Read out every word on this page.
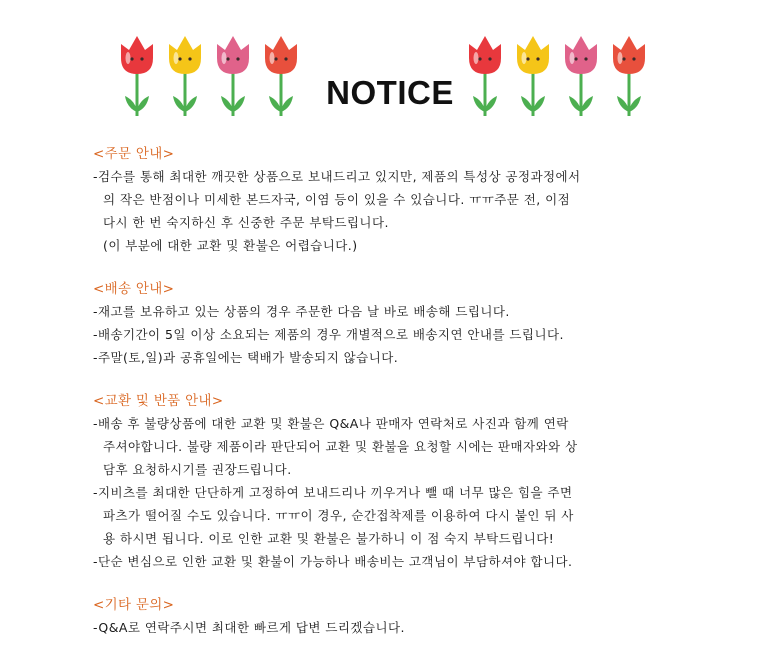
NOTICE
<주문 안내>
-검수를 통해 최대한 깨끗한 상품으로 보내드리고 있지만, 제품의 특성상 공정과정에서
의 작은 반점이나 미세한 본드자국, 이염 등이 있을 수 있습니다. ㅠㅠ주문 전, 이점
다시 한 번 숙지하신 후 신중한 주문 부탁드립니다.
(이 부분에 대한 교환 및 환불은 어렵습니다.)
<배송 안내>
-재고를 보유하고 있는 상품의 경우 주문한 다음 날 바로 배송해 드립니다.
-배송기간이 5일 이상 소요되는 제품의 경우 개별적으로 배송지연 안내를 드립니다.
-주말(토,일)과 공휴일에는 택배가 발송되지 않습니다.
<교환 및 반품 안내>
-배송 후 불량상품에 대한 교환 및 환불은 Q&A나 판매자 연락처로 사진과 함께 연락
주셔야합니다. 불량 제품이라 판단되어 교환 및 환불을 요청할 시에는 판매자와와 상
담후 요청하시기를 권장드립니다.
-지비츠를 최대한 단단하게 고정하여 보내드리나 끼우거나 뺄 때 너무 많은 힘을 주면
파츠가 떨어질 수도 있습니다. ㅠㅠ이 경우, 순간접착제를 이용하여 다시 붙인 뒤 사
용 하시면 됩니다. 이로 인한 교환 및 환불은 불가하니 이 점 숙지 부탁드립니다!
-단순 변심으로 인한 교환 및 환불이 가능하나 배송비는 고객님이 부담하셔야 합니다.
<기타 문의>
-Q&A로 연락주시면 최대한 빠르게 답변 드리겠습니다.
